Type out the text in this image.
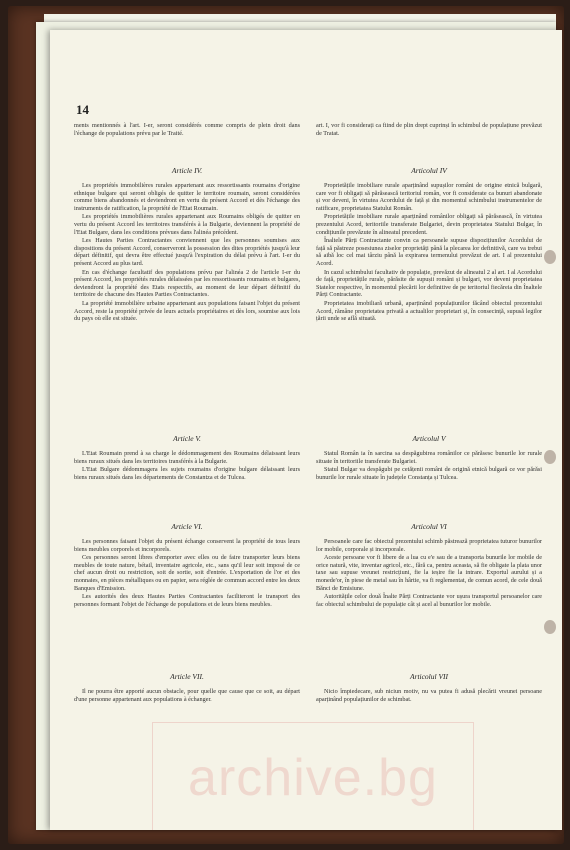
14

ments mentionnés à l'art. I-er, seront considérés comme compris de plein droit dans l'échange de populations prévu par le Traité.

Article IV.

Les propriétés immobilières rurales appartenant aux ressortissants roumains d'origine ethnique bulgare qui seront obligés de quitter le territoire roumain, seront considérées comme biens abandonnés et deviendront en vertu du présent Accord et dès l'échange des instruments de ratification, la propriété de l'Etat Roumain.

Les propriétés immobilières rurales appartenant aux Roumains obligés de quitter en vertu du présent Accord les territoires transférés à la Bulgarie, deviennent la propriété de l'Etat Bulgare, dans les conditions prévues dans l'alinéa précédent.

Les Hautes Parties Contractantes conviennent que les personnes soumises aux dispositions du présent Accord, conserveront la possession des dites propriétés jusqu'à leur départ définitif, qui devra être effectué jusqu'à l'expiration du délai prévu à l'art. I-er du présent Accord au plus tard.

En cas d'échange facultatif des populations prévu par l'alinéa 2 de l'article I-er du présent Accord, les propriétés rurales délaissées par les ressortissants roumains et bulgares, deviendront la propriété des Etats respectifs, au moment de leur départ définitif du territoire de chacune des Hautes Parties Contractantes.

La propriété immobilière urbaine appartenant aux populations faisant l'objet du présent Accord, reste la propriété privée de leurs actuels propriétaires et dès lors, soumise aux lois du pays où elle est située.

Article V.

L'Etat Roumain prend à sa charge le dédommagement des Roumains délaissant leurs biens ruraux situés dans les territoires transférés à la Bulgarie.

L'Etat Bulgare dédommagera les sujets roumains d'origine bulgare délaissant leurs biens ruraux situés dans les départements de Constantza et de Tulcea.

Article VI.

Les personnes faisant l'objet du présent échange conservent la propriété de tous leurs biens meubles corporels et incorporels.

Ces personnes seront libres d'emporter avec elles ou de faire transporter leurs biens meubles de toute nature, bétail, inventaire agricole, etc., sans qu'il leur soit imposé de ce chef aucun droit ou restriction, soit de sortie, soit d'entrée. L'exportation de l'or et des monnaies, en pièces métalliques ou en papier, sera réglée de commun accord entre les deux Banques d'Emission.

Les autorités des deux Hautes Parties Contractantes faciliteront le transport des personnes formant l'objet de l'échange de populations et de leurs biens meubles.

Article VII.

Il ne pourra être apporté aucun obstacle, pour quelle que cause que ce soit, au départ d'une personne appartenant aux populations à échanger.

art. I, vor fi considerați ca fiind de plin drept cuprinși în schimbul de populațiune prevăzut de Tratat.

Articolul IV

Proprietățile imobiliare rurale aparținând supușilor români de origine etnică bulgară, care vor fi obligați să părăsească teritoriul român, vor fi considerate ca bunuri abandonate și vor deveni, în virtutea Acordului de față și din momentul schimbului instrumentelor de ratificare, proprietatea Statului Român.

Proprietățile imobiliare rurale aparținând românilor obligați să părăsească, în virtutea prezentului Acord, teritoriile transferate Bulgariei, devin proprietatea Statului Bulgar, în condițiunile prevăzute în alineatul precedent.

Înaltele Părți Contractante convin ca persoanele supuse dispozițiunilor Acordului de față să păstreze posesiunea ziselor proprietăți până la plecarea lor definitivă, care va trebui să aibă loc cel mai târziu până la expirarea termenului prevăzut de art. I al prezentului Acord.

In cazul schimbului facultativ de populație, prevăzut de alineatul 2 al art. I al Acordului de față, proprietățile rurale, părăsite de supușii români și bulgari, vor deveni proprietatea Statelor respective, în momentul plecării lor definitive de pe teritoriul fiecăreia din Înaltele Părți Contractante.

Proprietatea imobiliară urbană, aparținând populațiunilor făcând obiectul prezentului Acord, rămâne proprietatea privată a actualilor proprietari și, în consecință, supusă legilor țării unde se află situată.

Articolul V

Statul Român ia în sarcina sa despăgubirea românilor ce părăsesc bunurile lor rurale situate în teritoriile transferate Bulgariei.

Statul Bulgar va despăgubi pe cetățenii români de origină etnică bulgară ce vor părăsi bunurile lor rurale situate în județele Constanța și Tulcea.

Articolul VI

Persoanele care fac obiectul prezentului schimb păstrează proprietatea tuturor bunurilor lor mobile, corporale și incorporale.

Aceste persoane vor fi libere de a lua cu e'e sau de a transporta bunurile lor mobile de orice natură, vite, inventar agricol, etc., fără ca, pentru aceasta, să fie obligate la plata unor taxe sau supuse vreunei restricțiuni, fie la ieșire fie la intrare. Exportul aurului și a monede'or, în piese de metal sau în hârtie, va fi reglementat, de comun acord, de cele două Bănci de Emisiune.

Autoritățile celor două Înalte Părți Contractante vor ușura transportul persoanelor care fac obiectul schimbului de populație cât și acel al bunurilor lor mobile.

Articolul VII

Nicio împiedecare, sub niciun motiv, nu va putea fi adusă plecării vreunei persoane aparținând populațiunilor de schimbat.

archive.bg
